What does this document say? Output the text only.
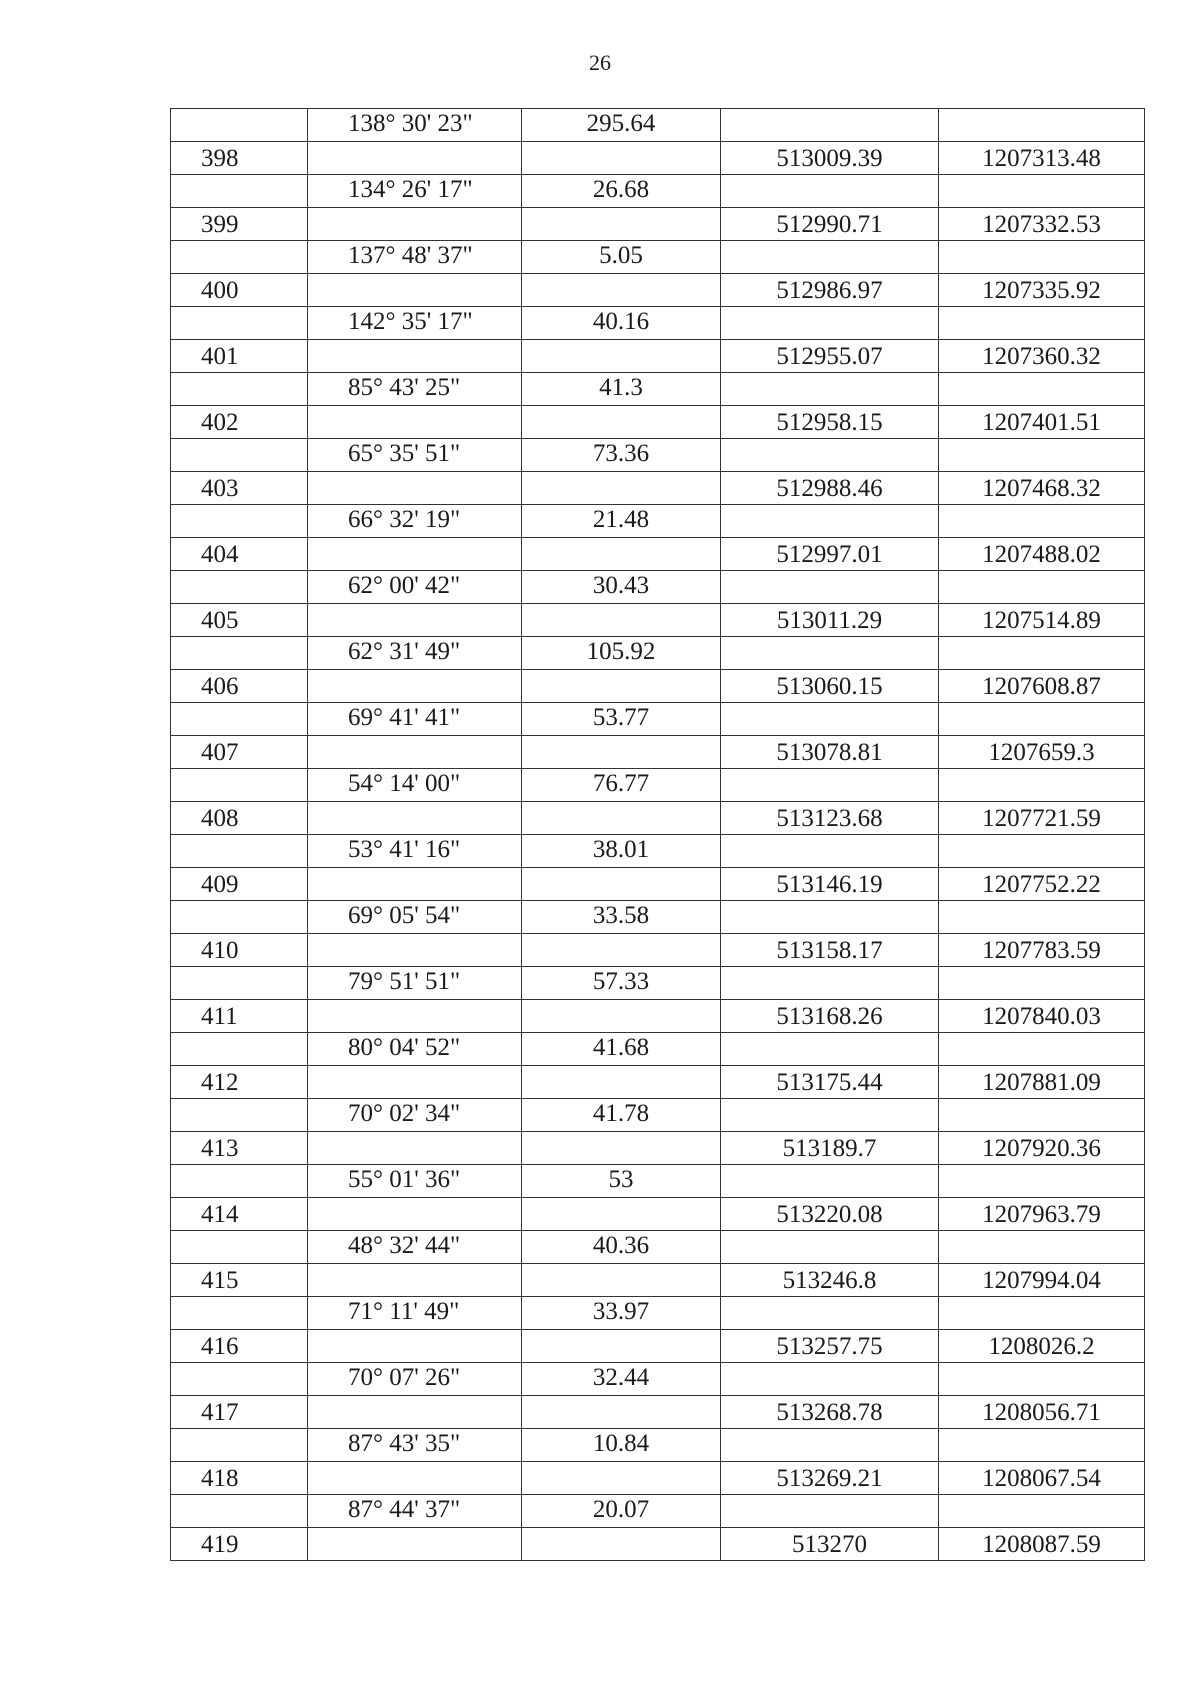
26
	138° 30' 23"	295.64		
398			513009.39	1207313.48
	134° 26' 17"	26.68		
399			512990.71	1207332.53
	137° 48' 37"	5.05		
400			512986.97	1207335.92
	142° 35' 17"	40.16		
401			512955.07	1207360.32
	85° 43' 25"	41.3		
402			512958.15	1207401.51
	65° 35' 51"	73.36		
403			512988.46	1207468.32
	66° 32' 19"	21.48		
404			512997.01	1207488.02
	62° 00' 42"	30.43		
405			513011.29	1207514.89
	62° 31' 49"	105.92		
406			513060.15	1207608.87
	69° 41' 41"	53.77		
407			513078.81	1207659.3
	54° 14' 00"	76.77		
408			513123.68	1207721.59
	53° 41' 16"	38.01		
409			513146.19	1207752.22
	69° 05' 54"	33.58		
410			513158.17	1207783.59
	79° 51' 51"	57.33		
411			513168.26	1207840.03
	80° 04' 52"	41.68		
412			513175.44	1207881.09
	70° 02' 34"	41.78		
413			513189.7	1207920.36
	55° 01' 36"	53		
414			513220.08	1207963.79
	48° 32' 44"	40.36		
415			513246.8	1207994.04
	71° 11' 49"	33.97		
416			513257.75	1208026.2
	70° 07' 26"	32.44		
417			513268.78	1208056.71
	87° 43' 35"	10.84		
418			513269.21	1208067.54
	87° 44' 37"	20.07		
419			513270	1208087.59
